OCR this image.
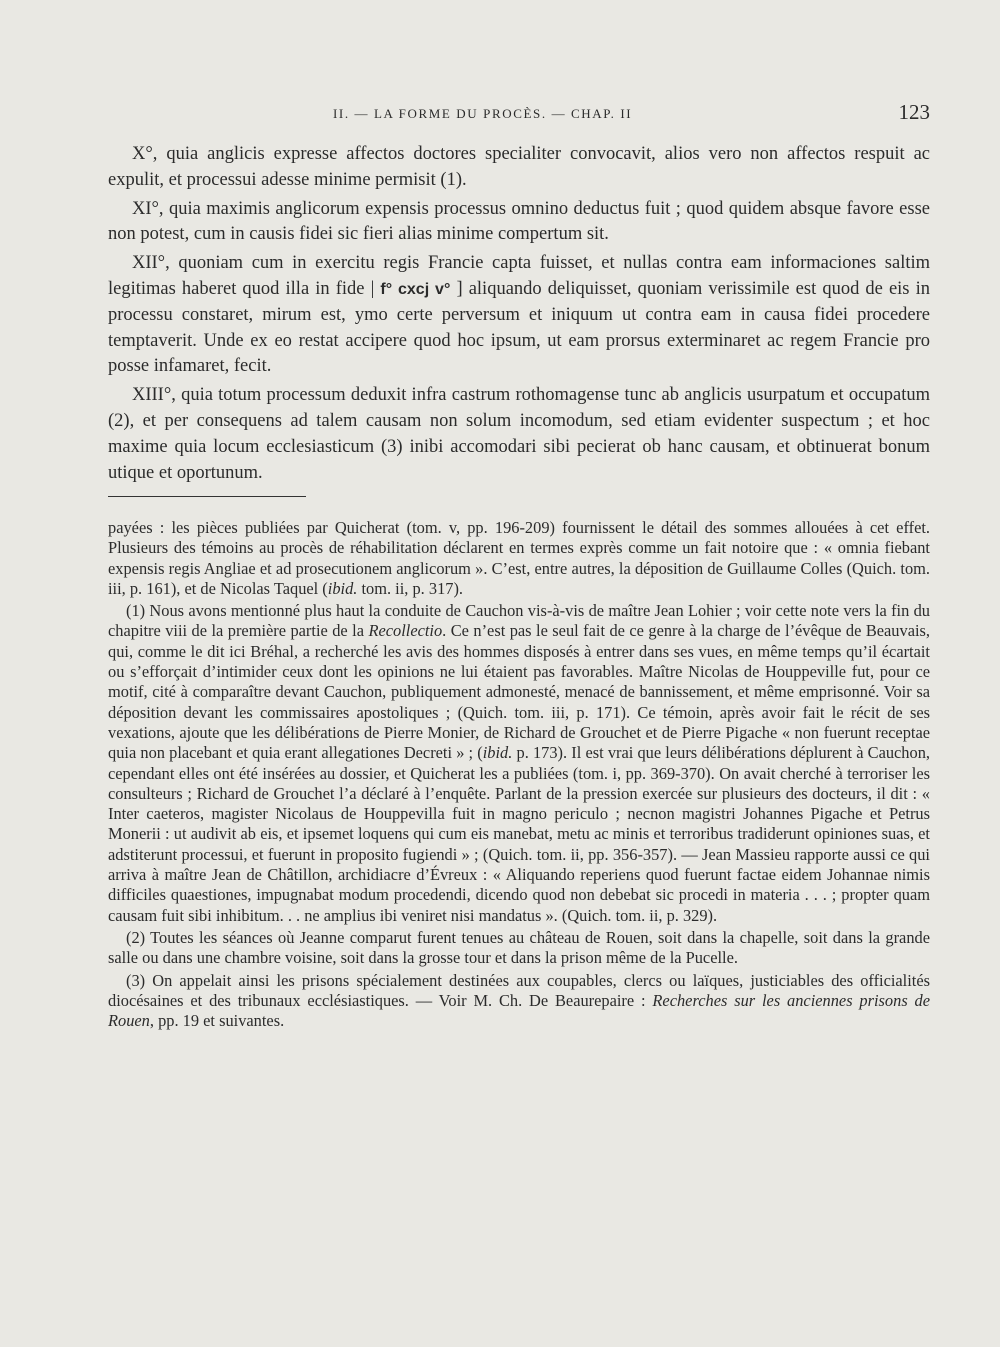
II. — LA FORME DU PROCÈS. — CHAP. II	123

X°, quia anglicis expresse affectos doctores specialiter convocavit, alios vero non affectos respuit ac expulit, et processui adesse minime permisit (1).

XI°, quia maximis anglicorum expensis processus omnino deductus fuit ; quod quidem absque favore esse non potest, cum in causis fidei sic fieri alias minime compertum sit.

XII°, quoniam cum in exercitu regis Francie capta fuisset, et nullas contra eam informaciones saltim legitimas haberet quod illa in fide | f° cxcj v° ] aliquando deliquisset, quoniam verissimile est quod de eis in processu constaret, mirum est, ymo certe perversum et iniquum ut contra eam in causa fidei procedere temptaverit. Unde ex eo restat accipere quod hoc ipsum, ut eam prorsus exterminaret ac regem Francie pro posse infamaret, fecit.

XIII°, quia totum processum deduxit infra castrum rothomagense tunc ab anglicis usurpatum et occupatum (2), et per consequens ad talem causam non solum incomodum, sed etiam evidenter suspectum ; et hoc maxime quia locum ecclesiasticum (3) inibi accomodari sibi pecierat ob hanc causam, et obtinuerat bonum utique et oportunum.

payées : les pièces publiées par Quicherat (tom. v, pp. 196-209) fournissent le détail des sommes allouées à cet effet. Plusieurs des témoins au procès de réhabilitation déclarent en termes exprès comme un fait notoire que : « omnia fiebant expensis regis Angliae et ad prosecutionem anglicorum ». C’est, entre autres, la déposition de Guillaume Colles (Quich. tom. iii, p. 161), et de Nicolas Taquel (ibid. tom. ii, p. 317).

(1) Nous avons mentionné plus haut la conduite de Cauchon vis-à-vis de maître Jean Lohier ; voir cette note vers la fin du chapitre viii de la première partie de la Recollectio. Ce n’est pas le seul fait de ce genre à la charge de l’évêque de Beauvais, qui, comme le dit ici Bréhal, a recherché les avis des hommes disposés à entrer dans ses vues, en même temps qu’il écartait ou s’efforçait d’intimider ceux dont les opinions ne lui étaient pas favorables. Maître Nicolas de Houppeville fut, pour ce motif, cité à comparaître devant Cauchon, publiquement admonesté, menacé de bannissement, et même emprisonné. Voir sa déposition devant les commissaires apostoliques ; (Quich. tom. iii, p. 171). Ce témoin, après avoir fait le récit de ses vexations, ajoute que les délibérations de Pierre Monier, de Richard de Grouchet et de Pierre Pigache « non fuerunt receptae quia non placebant et quia erant allegationes Decreti » ; (ibid. p. 173). Il est vrai que leurs délibérations déplurent à Cauchon, cependant elles ont été insérées au dossier, et Quicherat les a publiées (tom. i, pp. 369-370). On avait cherché à terroriser les consulteurs ; Richard de Grouchet l’a déclaré à l’enquête. Parlant de la pression exercée sur plusieurs des docteurs, il dit : « Inter caeteros, magister Nicolaus de Houppevilla fuit in magno periculo ; necnon magistri Johannes Pigache et Petrus Monerii : ut audivit ab eis, et ipsemet loquens qui cum eis manebat, metu ac minis et terroribus tradiderunt opiniones suas, et adstiterunt processui, et fuerunt in proposito fugiendi » ; (Quich. tom. ii, pp. 356-357). — Jean Massieu rapporte aussi ce qui arriva à maître Jean de Châtillon, archidiacre d’Évreux : « Aliquando reperiens quod fuerunt factae eidem Johannae nimis difficiles quaestiones, impugnabat modum procedendi, dicendo quod non debebat sic procedi in materia . . . ; propter quam causam fuit sibi inhibitum. . . ne amplius ibi veniret nisi mandatus ». (Quich. tom. ii, p. 329).

(2) Toutes les séances où Jeanne comparut furent tenues au château de Rouen, soit dans la chapelle, soit dans la grande salle ou dans une chambre voisine, soit dans la grosse tour et dans la prison même de la Pucelle.

(3) On appelait ainsi les prisons spécialement destinées aux coupables, clercs ou laïques, justiciables des officialités diocésaines et des tribunaux ecclésiastiques. — Voir M. Ch. De Beaurepaire : Recherches sur les anciennes prisons de Rouen, pp. 19 et suivantes.
